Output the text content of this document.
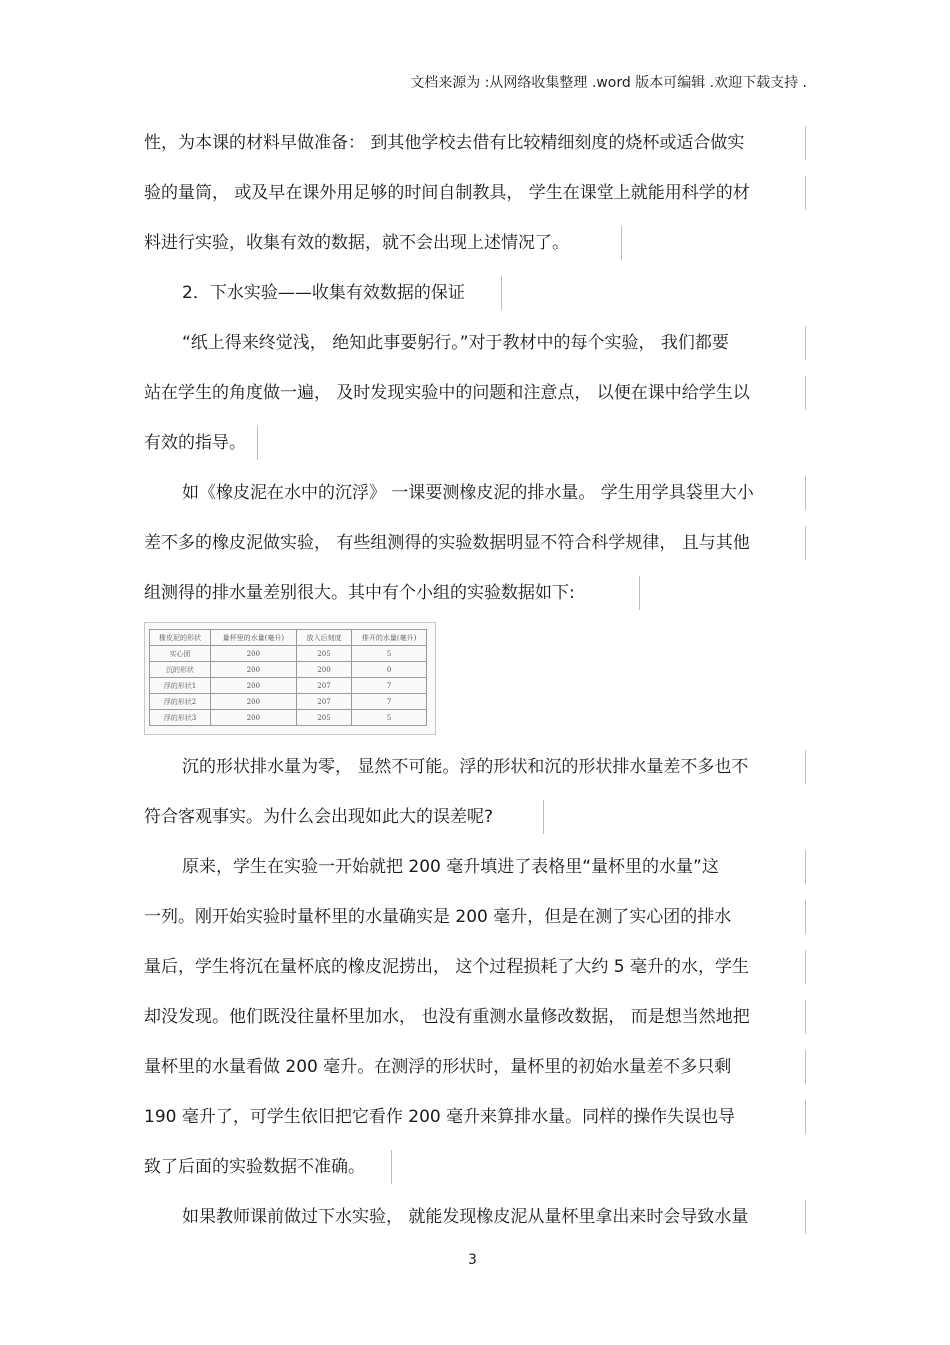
文档来源为 :从网络收集整理 .word 版本可编辑 .欢迎下载支持 .
性，为本课的材料早做准备： 到其他学校去借有比较精细刻度的烧杯或适合做实
验的量筒， 或及早在课外用足够的时间自制教具， 学生在课堂上就能用科学的材
料进行实验，收集有效的数据，就不会出现上述情况了。
2．下水实验——收集有效数据的保证
“纸上得来终觉浅， 绝知此事要躬行。”对于教材中的每个实验， 我们都要
站在学生的角度做一遍， 及时发现实验中的问题和注意点， 以便在课中给学生以
有效的指导。
如《橡皮泥在水中的沉浮》 一课要测橡皮泥的排水量。 学生用学具袋里大小
差不多的橡皮泥做实验， 有些组测得的实验数据明显不符合科学规律， 且与其他
组测得的排水量差别很大。其中有个小组的实验数据如下:
橡皮泥的形状	量杯里的水量(毫升)	放入后刻度	排开的水量(毫升)
实心团	200	205	5
沉的形状	200	200	0
浮的形状1	200	207	7
浮的形状2	200	207	7
浮的形状3	200	205	5
沉的形状排水量为零， 显然不可能。浮的形状和沉的形状排水量差不多也不
符合客观事实。为什么会出现如此大的误差呢?
原来，学生在实验一开始就把 200 毫升填进了表格里“量杯里的水量”这
一列。刚开始实验时量杯里的水量确实是 200 毫升，但是在测了实心团的排水
量后，学生将沉在量杯底的橡皮泥捞出， 这个过程损耗了大约 5 毫升的水，学生
却没发现。他们既没往量杯里加水， 也没有重测水量修改数据， 而是想当然地把
量杯里的水量看做 200 毫升。在测浮的形状时，量杯里的初始水量差不多只剩
190 毫升了，可学生依旧把它看作 200 毫升来算排水量。同样的操作失误也导
致了后面的实验数据不准确。
如果教师课前做过下水实验， 就能发现橡皮泥从量杯里拿出来时会导致水量
3
